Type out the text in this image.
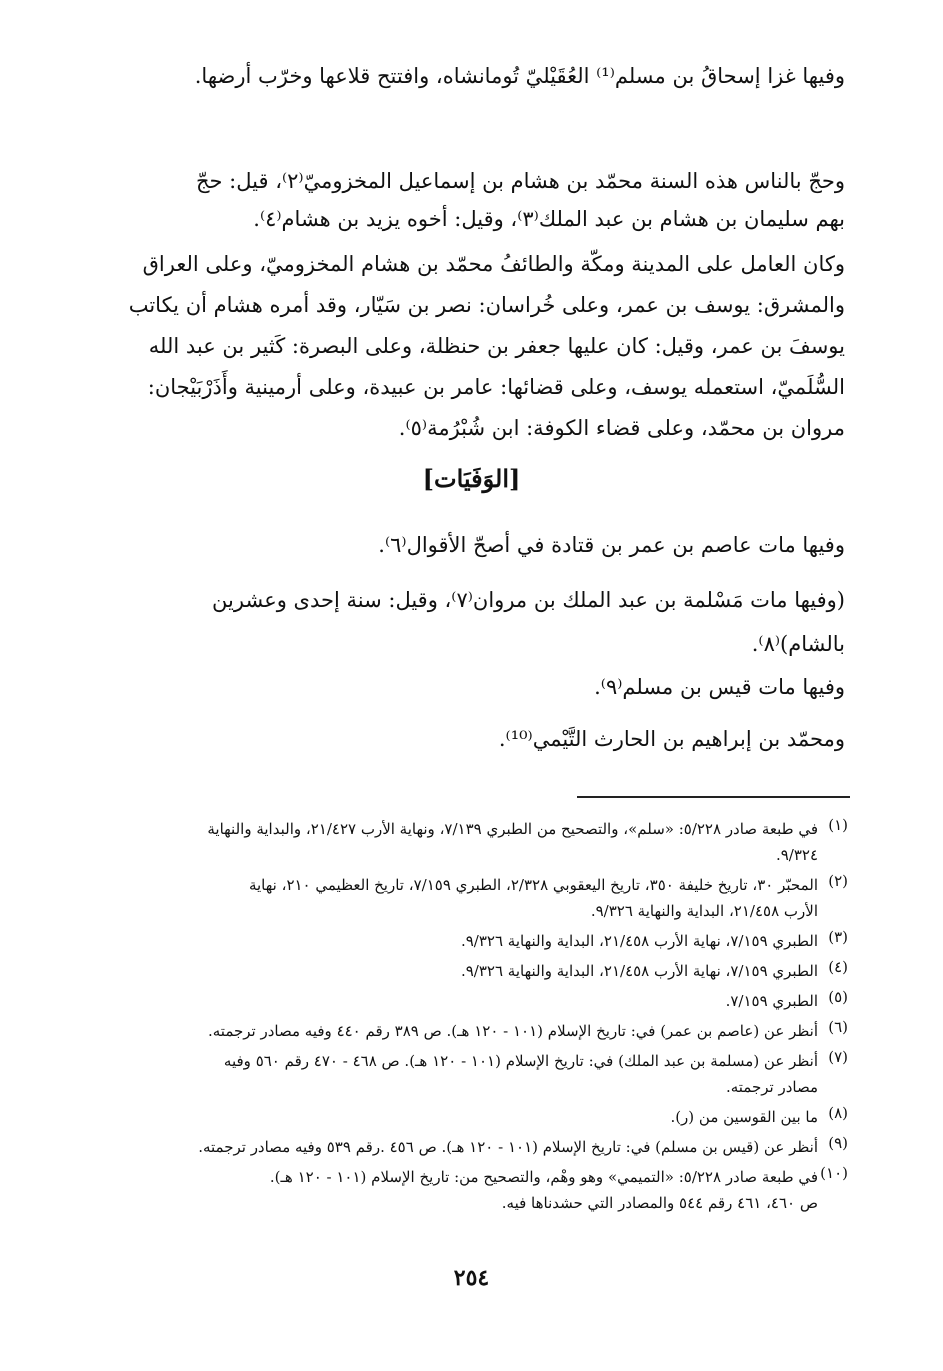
وفيها غزا إسحاقُ بن مسلم⁽¹⁾ العُقَيْليّ تُومانشاه، وافتتح قلاعها وخرّب أرضها.

وحجّ بالناس هذه السنة محمّد بن هشام بن إسماعيل المخزوميّ⁽٢⁾، قيل: حجّ
بهم سليمان بن هشام بن عبد الملك⁽٣⁾، وقيل: أخوه يزيد بن هشام⁽٤⁾.

وكان العامل على المدينة ومكّة والطائفُ محمّد بن هشام المخزوميّ، وعلى العراق
والمشرق: يوسف بن عمر، وعلى خُراسان: نصر بن سَيّار، وقد أمره هشام أن يكاتب
يوسفَ بن عمر، وقيل: كان عليها جعفر بن حنظلة، وعلى البصرة: كَثير بن عبد الله
السُّلَميّ، استعمله يوسف، وعلى قضائها: عامر بن عبيدة، وعلى أرمينية وأَذَرْبَيْجان:
مروان بن محمّد، وعلى قضاء الكوفة: ابن شُبْرُمة⁽٥⁾.

[الوَفَيَات]

وفيها مات عاصم بن عمر بن قتادة في أصحّ الأقوال⁽٦⁾.

(وفيها مات مَسْلمة بن عبد الملك بن مروان⁽٧⁾، وقيل: سنة إحدى وعشرين
بالشام)⁽٨⁾.

وفيها مات قيس بن مسلم⁽٩⁾.

ومحمّد بن إبراهيم بن الحارث التَّيْمي⁽¹⁰⁾.

(١)
في طبعة صادر ٥/٢٢٨: «سلم»، والتصحيح من الطبري ٧/١٣٩، ونهاية الأرب ٢١/٤٢٧، والبداية والنهاية
٩/٣٢٤.
(٢)
المحبّر ٣٠، تاريخ خليفة ٣٥٠، تاريخ اليعقوبي ٢/٣٢٨، الطبري ٧/١٥٩، تاريخ العظيمي ٢١٠، نهاية
الأرب ٢١/٤٥٨، البداية والنهاية ٩/٣٢٦.
(٣)
الطبري ٧/١٥٩، نهاية الأرب ٢١/٤٥٨، البداية والنهاية ٩/٣٢٦.
(٤)
الطبري ٧/١٥٩، نهاية الأرب ٢١/٤٥٨، البداية والنهاية ٩/٣٢٦.
(٥)
الطبري ٧/١٥٩.
(٦)
أنظر عن (عاصم بن عمر) في: تاريخ الإسلام (١٠١ - ١٢٠ هـ). ص ٣٨٩ رقم ٤٤٠ وفيه مصادر ترجمته.
(٧)
أنظر عن (مسلمة بن عبد الملك) في: تاريخ الإسلام (١٠١ - ١٢٠ هـ). ص ٤٦٨ - ٤٧٠ رقم ٥٦٠ وفيه
مصادر ترجمته.
(٨)
ما بين القوسين من (ر).
(٩)
أنظر عن (قيس بن مسلم) في: تاريخ الإسلام (١٠١ - ١٢٠ هـ). ص ٤٥٦ .رقم ٥٣٩ وفيه مصادر ترجمته.
(١٠)
في طبعة صادر ٥/٢٢٨: «التميمي» وهو وهْم، والتصحيح من: تاريخ الإسلام (١٠١ - ١٢٠ هـ).
ص ٤٦٠، ٤٦١ رقم ٥٤٤ والمصادر التي حشدناها فيه.
٢٥٤
